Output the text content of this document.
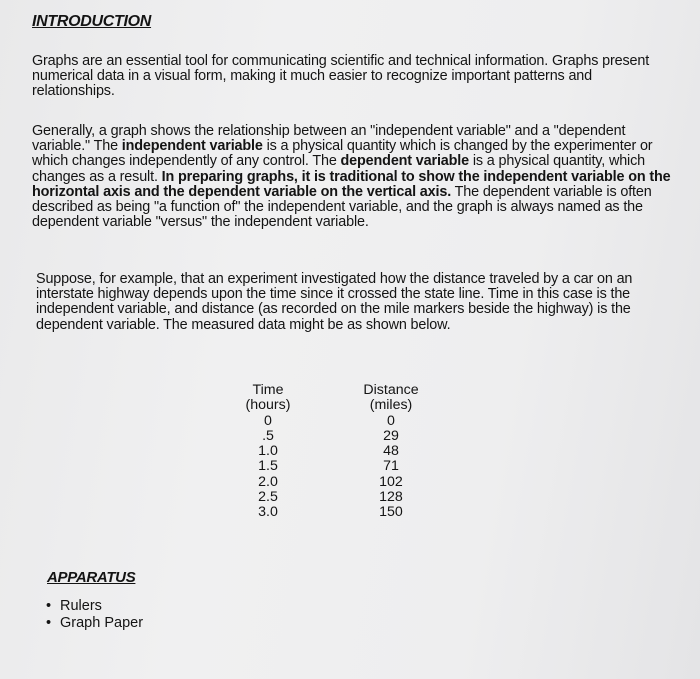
INTRODUCTION

Graphs are an essential tool for communicating scientific and technical information. Graphs present numerical data in a visual form, making it much easier to recognize important patterns and relationships.

Generally, a graph shows the relationship between an "independent variable" and a "dependent variable." The independent variable is a physical quantity which is changed by the experimenter or which changes independently of any control. The dependent variable is a physical quantity, which changes as a result. In preparing graphs, it is traditional to show the independent variable on the horizontal axis and the dependent variable on the vertical axis. The dependent variable is often described as being "a function of" the independent variable, and the graph is always named as the dependent variable "versus" the independent variable.

Suppose, for example, that an experiment investigated how the distance traveled by a car on an interstate highway depends upon the time since it crossed the state line. Time in this case is the independent variable, and distance (as recorded on the mile markers beside the highway) is the dependent variable. The measured data might be as shown below.

Time
(hours)
0
.5
1.0
1.5
2.0
2.5
3.0
Distance
(miles)
0
29
48
71
102
128
150
APPARATUS
• Rulers
• Graph Paper
